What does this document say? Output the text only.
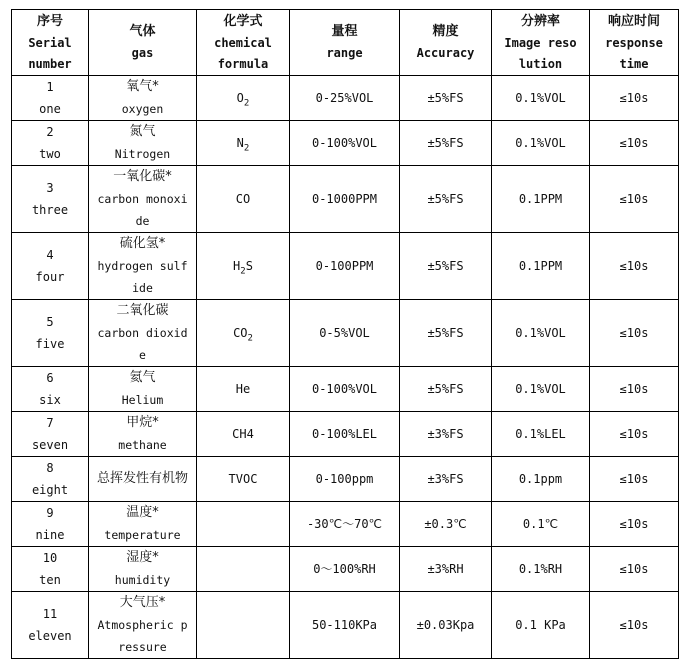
序号
Serial
number	气体
gas	化学式
chemical
formula	量程
range	精度
Accuracy	分辨率
Image reso
lution	响应时间
response
time

1
one	氧气*
oxygen	$O_2$	0-25%VOL	±5%FS	0.1%VOL	≤10s

2
two	氮气
Nitrogen	$N_2$	0-100%VOL	±5%FS	0.1%VOL	≤10s

3
three	一氧化碳*
carbon monoxi
de	CO	0-1000PPM	±5%FS	0.1PPM	≤10s

4
four	硫化氢*
hydrogen sulf
ide	$H_2S$	0-100PPM	±5%FS	0.1PPM	≤10s

5
five	二氧化碳
carbon dioxid
e	$CO_2$	0-5%VOL	±5%FS	0.1%VOL	≤10s

6
six	氦气
Helium	He	0-100%VOL	±5%FS	0.1%VOL	≤10s

7
seven	甲烷*
methane	CH4	0-100%LEL	±3%FS	0.1%LEL	≤10s

8
eight	总挥发性有机物	TVOC	0-100ppm	±3%FS	0.1ppm	≤10s

9
nine	温度*
temperature		-30℃～70℃	±0.3℃	0.1℃	≤10s

10
ten	湿度*
humidity		0～100%RH	±3%RH	0.1%RH	≤10s

11
eleven	大气压*
Atmospheric p
ressure		50-110KPa	±0.03Kpa	0.1 KPa	≤10s
